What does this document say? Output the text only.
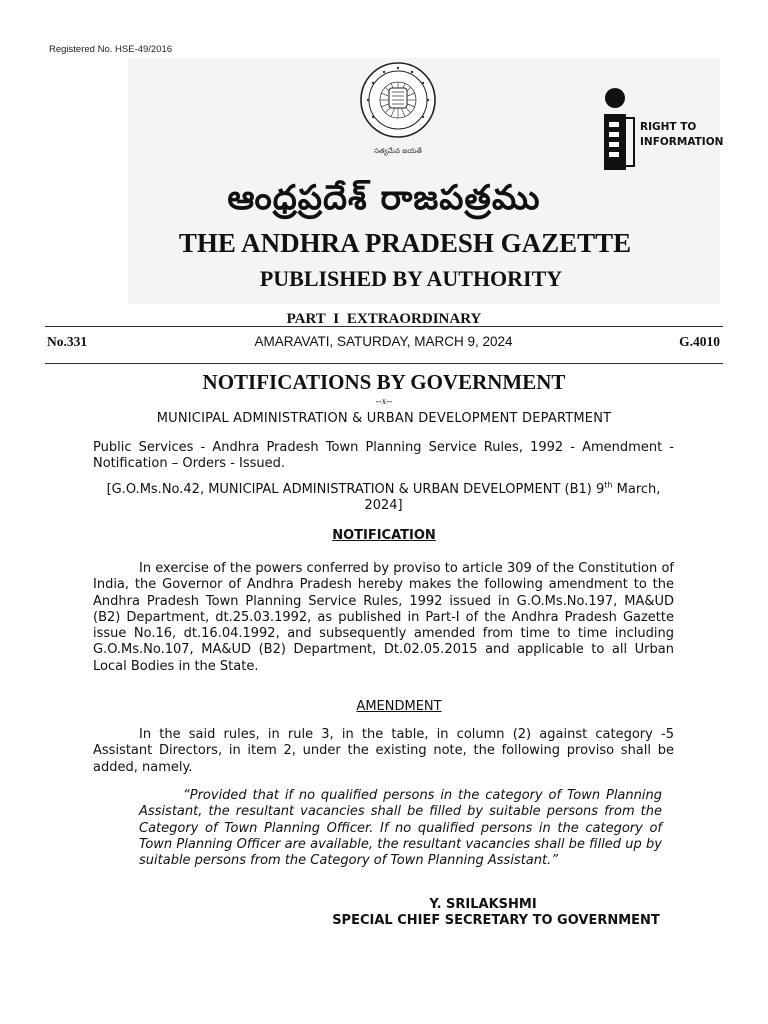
Registered No. HSE-49/2016
సత్యమేవ జయతే
RIGHT TO
INFORMATION
ఆంధ్రప్రదేశ్ రాజపత్రము
THE ANDHRA PRADESH GAZETTE
PUBLISHED BY AUTHORITY
PART I EXTRAORDINARY
No.331	AMARAVATI, SATURDAY, MARCH 9, 2024	G.4010
NOTIFICATIONS BY GOVERNMENT
--x--
MUNICIPAL ADMINISTRATION & URBAN DEVELOPMENT DEPARTMENT
Public Services - Andhra Pradesh Town Planning Service Rules, 1992 - Amendment - Notification – Orders - Issued.
[G.O.Ms.No.42, MUNICIPAL ADMINISTRATION & URBAN DEVELOPMENT (B1) 9th March, 2024]
NOTIFICATION
In exercise of the powers conferred by proviso to article 309 of the Constitution of India, the Governor of Andhra Pradesh hereby makes the following amendment to the Andhra Pradesh Town Planning Service Rules, 1992 issued in G.O.Ms.No.197, MA&UD (B2) Department, dt.25.03.1992, as published in Part-I of the Andhra Pradesh Gazette issue No.16, dt.16.04.1992, and subsequently amended from time to time including G.O.Ms.No.107, MA&UD (B2) Department, Dt.02.05.2015 and applicable to all Urban Local Bodies in the State.
AMENDMENT
In the said rules, in rule 3, in the table, in column (2) against category -5 Assistant Directors, in item 2, under the existing note, the following proviso shall be added, namely.
“Provided that if no qualified persons in the category of Town Planning Assistant, the resultant vacancies shall be filled by suitable persons from the Category of Town Planning Officer. If no qualified persons in the category of Town Planning Officer are available, the resultant vacancies shall be filled up by suitable persons from the Category of Town Planning Assistant.”
Y. SRILAKSHMI
SPECIAL CHIEF SECRETARY TO GOVERNMENT
